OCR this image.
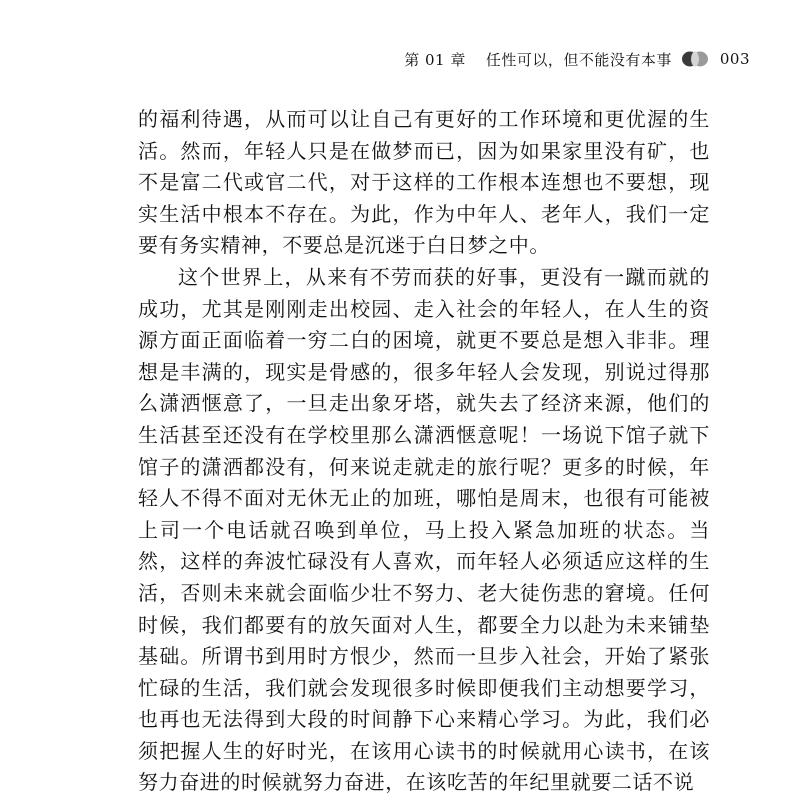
第 01 章 任性可以，但不能没有本事	003

的福利待遇，从而可以让自己有更好的工作环境和更优渥的生活。然而，年轻人只是在做梦而已，因为如果家里没有矿，也不是富二代或官二代，对于这样的工作根本连想也不要想，现实生活中根本不存在。为此，作为中年人、老年人，我们一定要有务实精神，不要总是沉迷于白日梦之中。

这个世界上，从来有不劳而获的好事，更没有一蹴而就的成功，尤其是刚刚走出校园、走入社会的年轻人，在人生的资源方面正面临着一穷二白的困境，就更不要总是想入非非。理想是丰满的，现实是骨感的，很多年轻人会发现，别说过得那么潇洒惬意了，一旦走出象牙塔，就失去了经济来源，他们的生活甚至还没有在学校里那么潇洒惬意呢！一场说下馆子就下馆子的潇洒都没有，何来说走就走的旅行呢？更多的时候，年轻人不得不面对无休无止的加班，哪怕是周末，也很有可能被上司一个电话就召唤到单位，马上投入紧急加班的状态。当然，这样的奔波忙碌没有人喜欢，而年轻人必须适应这样的生活，否则未来就会面临少壮不努力、老大徒伤悲的窘境。任何时候，我们都要有的放矢面对人生，都要全力以赴为未来铺垫基础。所谓书到用时方恨少，然而一旦步入社会，开始了紧张忙碌的生活，我们就会发现很多时候即便我们主动想要学习，也再也无法得到大段的时间静下心来精心学习。为此，我们必须把握人生的好时光，在该用心读书的时候就用心读书，在该努力奋进的时候就努力奋进，在该吃苦的年纪里就要二话不说
